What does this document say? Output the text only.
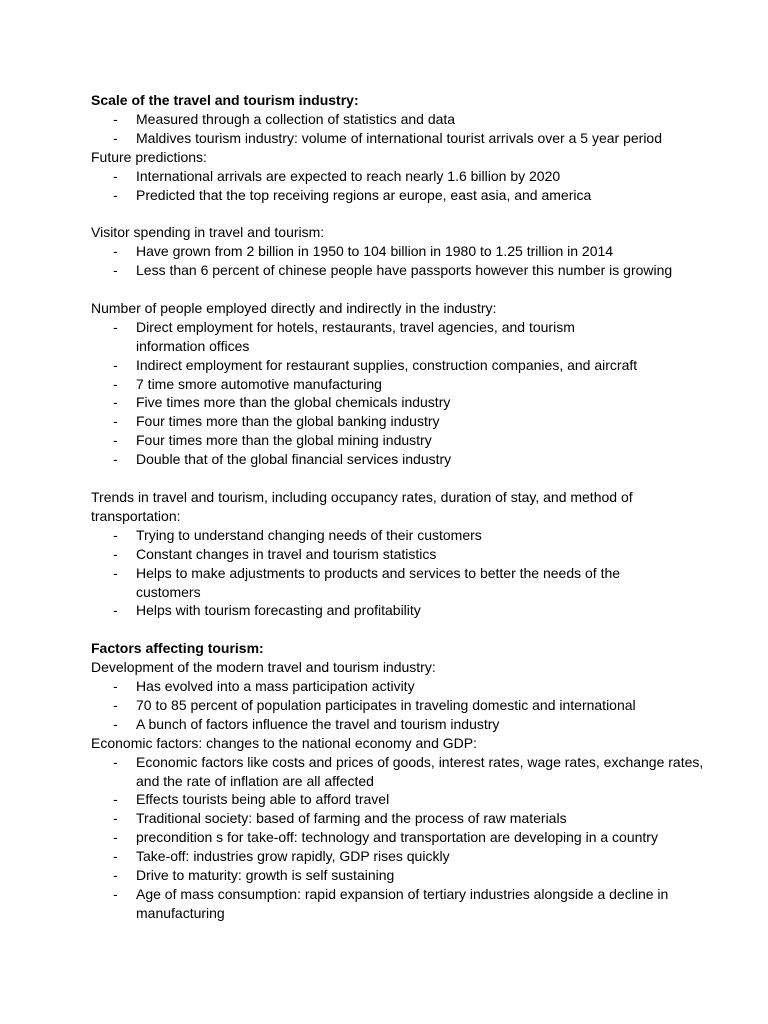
Scale of the travel and tourism industry:
- Measured through a collection of statistics and data
- Maldives tourism industry: volume of international tourist arrivals over a 5 year period
Future predictions:
- International arrivals are expected to reach nearly 1.6 billion by 2020
- Predicted that the top receiving regions ar europe, east asia, and america
Visitor spending in travel and tourism:
- Have grown from 2 billion in 1950 to 104 billion in 1980 to 1.25 trillion in 2014
- Less than 6 percent of chinese people have passports however this number is growing
Number of people employed directly and indirectly in the industry:
- Direct employment for hotels, restaurants, travel agencies, and tourism information offices
- Indirect employment for restaurant supplies, construction companies, and aircraft
- 7 time smore automotive manufacturing
- Five times more than the global chemicals industry
- Four times more than the global banking industry
- Four times more than the global mining industry
- Double that of the global financial services industry
Trends in travel and tourism, including occupancy rates, duration of stay, and method of transportation:
- Trying to understand changing needs of their customers
- Constant changes in travel and tourism statistics
- Helps to make adjustments to products and services to better the needs of the customers
- Helps with tourism forecasting and profitability
Factors affecting tourism:
Development of the modern travel and tourism industry:
- Has evolved into a mass participation activity
- 70 to 85 percent of population participates in traveling domestic and international
- A bunch of factors influence the travel and tourism industry
Economic factors: changes to the national economy and GDP:
- Economic factors like costs and prices of goods, interest rates, wage rates, exchange rates, and the rate of inflation are all affected
- Effects tourists being able to afford travel
- Traditional society: based of farming and the process of raw materials
- precondition s for take-off: technology and transportation are developing in a country
- Take-off: industries grow rapidly, GDP rises quickly
- Drive to maturity: growth is self sustaining
- Age of mass consumption: rapid expansion of tertiary industries alongside a decline in manufacturing
